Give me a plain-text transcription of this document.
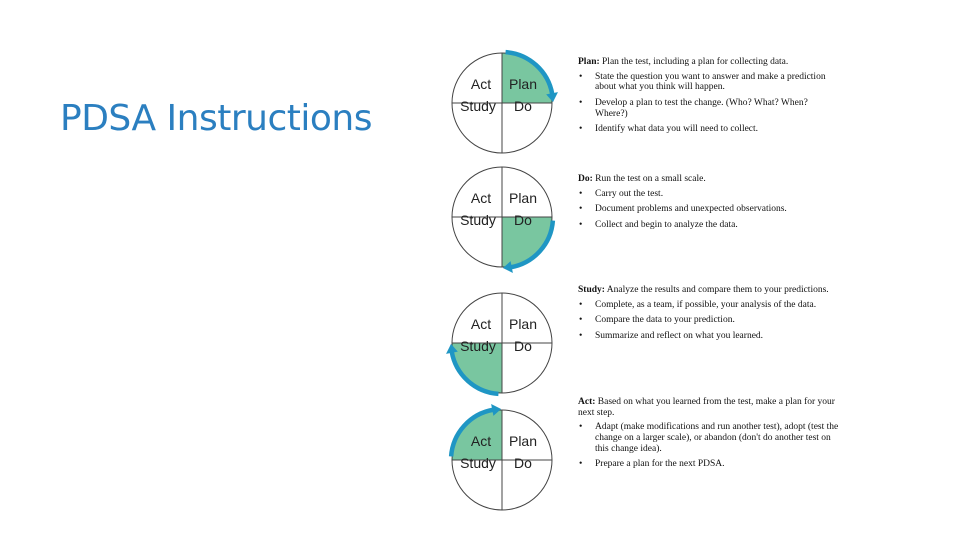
PDSA Instructions
Act Plan
Study Do
Act Plan
Study Do
Act Plan
Study Do
Act Plan
Study Do
Plan: Plan the test, including a plan for collecting data.
• State the question you want to answer and make a prediction about what you think will happen.
• Develop a plan to test the change. (Who? What? When? Where?)
• Identify what data you will need to collect.
Do: Run the test on a small scale.
• Carry out the test.
• Document problems and unexpected observations.
• Collect and begin to analyze the data.
Study: Analyze the results and compare them to your predictions.
• Complete, as a team, if possible, your analysis of the data.
• Compare the data to your prediction.
• Summarize and reflect on what you learned.
Act: Based on what you learned from the test, make a plan for your next step.
• Adapt (make modifications and run another test), adopt (test the change on a larger scale), or abandon (don't do another test on this change idea).
• Prepare a plan for the next PDSA.
